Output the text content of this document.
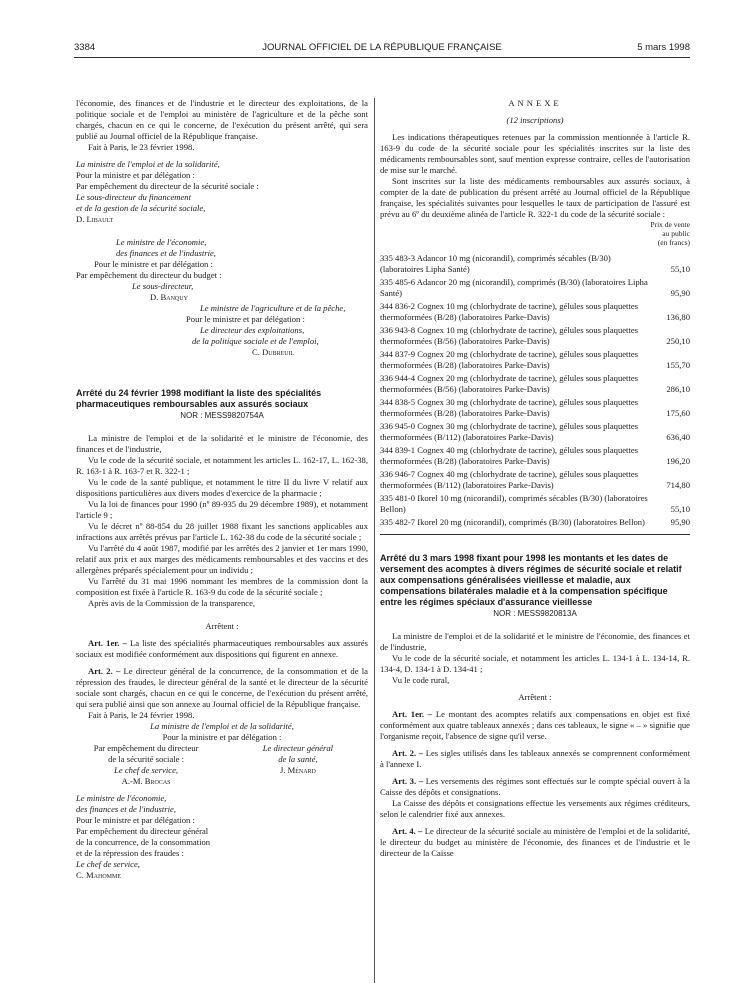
3384	JOURNAL OFFICIEL DE LA RÉPUBLIQUE FRANÇAISE	5 mars 1998

l'économie, des finances et de l'industrie et le directeur des exploitations, de la politique sociale et de l'emploi au ministère de l'agriculture et de la pêche sont chargés, chacun en ce qui le concerne, de l'exécution du présent arrêté, qui sera publié au Journal officiel de la République française.

Fait à Paris, le 23 février 1998.

La ministre de l'emploi et de la solidarité,

Pour la ministre et par délégation :

Par empêchement du directeur de la sécurité sociale :

Le sous-directeur du financement

et de la gestion de la sécurité sociale,

D. Libault

Le ministre de l'économie,

des finances et de l'industrie,

Pour le ministre et par délégation :

Par empêchement du directeur du budget :

Le sous-directeur,

D. Banquy

Le ministre de l'agriculture et de la pêche,

Pour le ministre et par délégation :

Le directeur des exploitations,

de la politique sociale et de l'emploi,

C. Dubreuil

Arrêté du 24 février 1998 modifiant la liste des spécialités pharmaceutiques remboursables aux assurés sociaux

NOR : MESS9820754A

La ministre de l'emploi et de la solidarité et le ministre de l'économie, des finances et de l'industrie,

Vu le code de la sécurité sociale, et notamment les articles L. 162-17, L. 162-38, R. 163-1 à R. 163-7 et R. 322-1 ;

Vu le code de la santé publique, et notamment le titre II du livre V relatif aux dispositions particulières aux divers modes d'exercice de la pharmacie ;

Vu la loi de finances pour 1990 (nº 89-935 du 29 décembre 1989), et notamment l'article 9 ;

Vu le décret nº 88-854 du 28 juillet 1988 fixant les sanctions applicables aux infractions aux arrêtés prévus par l'article L. 162-38 du code de la sécurité sociale ;

Vu l'arrêté du 4 août 1987, modifié par les arrêtés des 2 janvier et 1er mars 1990, relatif aux prix et aux marges des médicaments remboursables et des vaccins et des allergènes préparés spécialement pour un individu ;

Vu l'arrêté du 31 mai 1996 nommant les membres de la commission dont la composition est fixée à l'article R. 163-9 du code de la sécurité sociale ;

Après avis de la Commission de la transparence,

Arrêtent :

Art. 1er. – La liste des spécialités pharmaceutiques remboursables aux assurés sociaux est modifiée conformément aux dispositions qui figurent en annexe.

Art. 2. – Le directeur général de la concurrence, de la consommation et de la répression des fraudes, le directeur général de la santé et le directeur de la sécurité sociale sont chargés, chacun en ce qui le concerne, de l'exécution du présent arrêté, qui sera publié ainsi que son annexe au Journal officiel de la République française.

Fait à Paris, le 24 février 1998.

La ministre de l'emploi et de la solidarité,

Pour la ministre et par délégation :

Par empêchement du directeur

de la sécurité sociale :

Le chef de service,

A.-M. Brocas

Le directeur général

de la santé,

J. Ménard

Le ministre de l'économie,

des finances et de l'industrie,

Pour le ministre et par délégation :

Par empêchement du directeur général

de la concurrence, de la consommation

et de la répression des fraudes :

Le chef de service,

C. Mahomme

ANNEXE

(12 inscriptions)

Les indications thérapeutiques retenues par la commission mentionnée à l'article R. 163-9 du code de la sécurité sociale pour les spécialités inscrites sur la liste des médicaments remboursables sont, sauf mention expresse contraire, celles de l'autorisation de mise sur le marché.

Sont inscrites sur la liste des médicaments remboursables aux assurés sociaux, à compter de la date de publication du présent arrêté au Journal officiel de la République française, les spécialités suivantes pour lesquelles le taux de participation de l'assuré est prévu au 6º du deuxième alinéa de l'article R. 322-1 du code de la sécurité sociale :

Prix de vente

au public

(en francs)

335 483-3 Adancor 10 mg (nicorandil), comprimés sécables (B/30) (laboratoires Lipha Santé)	55,10
335 485-6 Adancor 20 mg (nicorandil), comprimés (B/30) (laboratoires Lipha Santé)	95,90
344 836-2 Cognex 10 mg (chlorhydrate de tacrine), gélules sous plaquettes thermoformées (B/28) (laboratoires Parke-Davis)	136,80
336 943-8 Cognex 10 mg (chlorhydrate de tacrine), gélules sous plaquettes thermoformées (B/56) (laboratoires Parke-Davis)	250,10
344 837-9 Cognex 20 mg (chlorhydrate de tacrine), gélules sous plaquettes thermoformées (B/28) (laboratoires Parke-Davis)	155,70
336 944-4 Cognex 20 mg (chlorhydrate de tacrine), gélules sous plaquettes thermoformées (B/56) (laboratoires Parke-Davis)	286,10
344 838-5 Cognex 30 mg (chlorhydrate de tacrine), gélules sous plaquettes thermoformées (B/28) (laboratoires Parke-Davis)	175,60
336 945-0 Cognex 30 mg (chlorhydrate de tacrine), gélules sous plaquettes thermoformées (B/112) (laboratoires Parke-Davis)	636,40
344 839-1 Cognex 40 mg (chlorhydrate de tacrine), gélules sous plaquettes thermoformées (B/28) (laboratoires Parke-Davis)	196,20
336 946-7 Cognex 40 mg (chlorhydrate de tacrine), gélules sous plaquettes thermoformées (B/112) (laboratoires Parke-Davis)	714,80
335 481-0 Ikorel 10 mg (nicorandil), comprimés sécables (B/30) (laboratoires Bellon)	55,10
335 482-7 Ikorel 20 mg (nicorandil), comprimés (B/30) (laboratoires Bellon)	95,90

Arrêté du 3 mars 1998 fixant pour 1998 les montants et les dates de versement des acomptes à divers régimes de sécurité sociale et relatif aux compensations généralisées vieillesse et maladie, aux compensations bilatérales maladie et à la compensation spécifique entre les régimes spéciaux d'assurance vieillesse

NOR : MESS9820813A

La ministre de l'emploi et de la solidarité et le ministre de l'économie, des finances et de l'industrie,

Vu le code de la sécurité sociale, et notamment les articles L. 134-1 à L. 134-14, R. 134-4, D. 134-1 à D. 134-41 ;

Vu le code rural,

Arrêtent :

Art. 1er. – Le montant des acomptes relatifs aux compensations en objet est fixé conformément aux quatre tableaux annexés ; dans ces tableaux, le signe « – » signifie que l'organisme reçoit, l'absence de signe qu'il verse.

Art. 2. – Les sigles utilisés dans les tableaux annexés se comprennent conformément à l'annexe I.

Art. 3. – Les versements des régimes sont effectués sur le compte spécial ouvert à la Caisse des dépôts et consignations.

La Caisse des dépôts et consignations effectue les versements aux régimes créditeurs, selon le calendrier fixé aux annexes.

Art. 4. – Le directeur de la sécurité sociale au ministère de l'emploi et de la solidarité, le directeur du budget au ministère de l'économie, des finances et de l'industrie et le directeur de la Caisse
